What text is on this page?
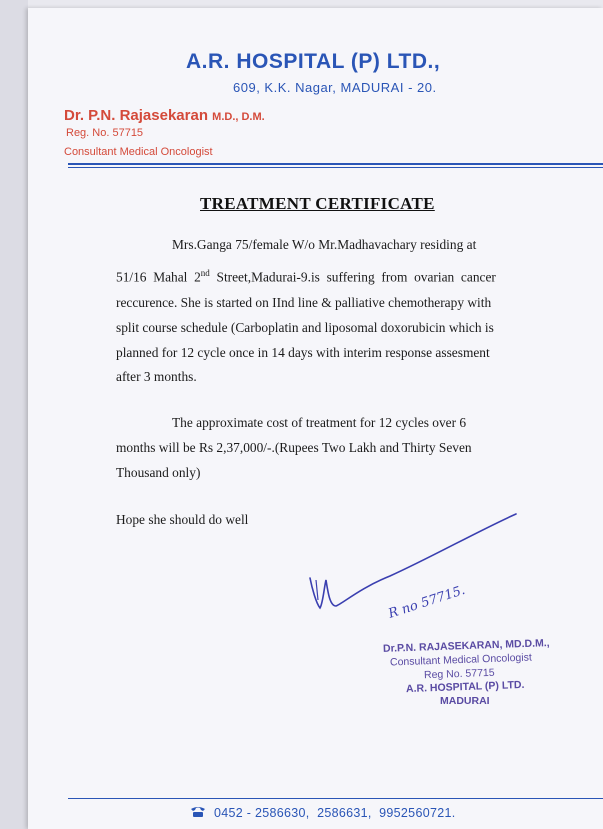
A.R. HOSPITAL (P) LTD.,
609, K.K. Nagar, MADURAI - 20.
Dr. P.N. Rajasekaran M.D., D.M.
Reg. No. 57715
Consultant Medical Oncologist
TREATMENT CERTIFICATE
Mrs.Ganga 75/female W/o Mr.Madhavachary residing at
51/16  Mahal  2nd  Street,Madurai-9.is  suffering  from  ovarian  cancer
reccurence. She is started on IInd line & palliative chemotherapy with
split course schedule (Carboplatin and liposomal doxorubicin which is
planned for 12 cycle once in 14 days with interim response assesment
after 3 months.
The approximate cost of treatment for 12 cycles over 6
months will be Rs 2,37,000/-.(Rupees Two Lakh and Thirty Seven
Thousand only)
Hope she should do well
R no 57715.
Dr.P.N. RAJASEKARAN, MD.D.M.,
Consultant Medical Oncologist
Reg No. 57715
A.R. HOSPITAL (P) LTD.
MADURAI
0452 - 2586630,  2586631,  9952560721.
